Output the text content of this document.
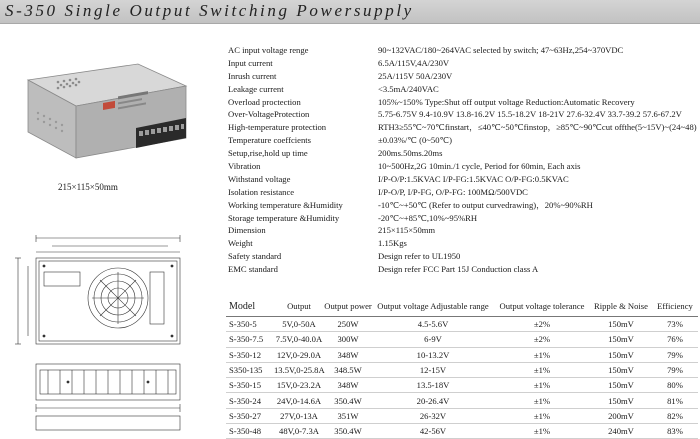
S-350 Single Output Switching Powersupply
215×115×50mm
AC input voltage renge	90~132VAC/180~264VAC selected by switch; 47~63Hz,254~370VDC
Input current	6.5A/115V,4A/230V
Inrush current	25A/115V 50A/230V
Leakage current	<3.5mA/240VAC
Overload proctection	105%~150% Type:Shut off output voltage Reduction:Automatic Recovery
Over-VoltageProtection	5.75-6.75V 9.4-10.9V 13.8-16.2V 15.5-18.2V 18-21V 27.6-32.4V 33.7-39.2 57.6-67.2V
High-temperature protection	RTH3≥55℃~70℃finstart，≤40℃~50℃finstop，≥85℃~90℃cut offthe(5~15V)~(24~48)
Temperature coeffcients	±0.03%/℃ (0~50℃)
Setup,rise,hold up time	200ms.50ms.20ms
Vibration	10~500Hz,2G 10min./1 cycle, Period for 60min, Each axis
Withstand voltage	I/P-O/P:1.5KVAC I/P-FG:1.5KVAC O/P-FG:0.5KVAC
Isolation resistance	I/P-O/P, I/P-FG, O/P-FG: 100MΩ/500VDC
Working temperature &Humidity	-10℃~+50℃ (Refer to output curvedrawing)，20%~90%RH
Storage temperature &Humidity	-20℃~+85℃,10%~95%RH
Dimension	215×115×50mm
Weight	1.15Kgs
Safety standard	Design refer to UL1950
EMC standard	Design refer FCC Part 15J Conduction class A
Model	Output	Output power	Output voltage Adjustable range	Output voltage tolerance	Ripple & Noise	Efficiency
S-350-5	5V,0-50A	250W	4.5-5.6V	±2%	150mV	73%
S-350-7.5	7.5V,0-40.0A	300W	6-9V	±2%	150mV	76%
S-350-12	12V,0-29.0A	348W	10-13.2V	±1%	150mV	79%
S350-135	13.5V,0-25.8A	348.5W	12-15V	±1%	150mV	79%
S-350-15	15V,0-23.2A	348W	13.5-18V	±1%	150mV	80%
S-350-24	24V,0-14.6A	350.4W	20-26.4V	±1%	150mV	81%
S-350-27	27V,0-13A	351W	26-32V	±1%	200mV	82%
S-350-48	48V,0-7.3A	350.4W	42-56V	±1%	240mV	83%
